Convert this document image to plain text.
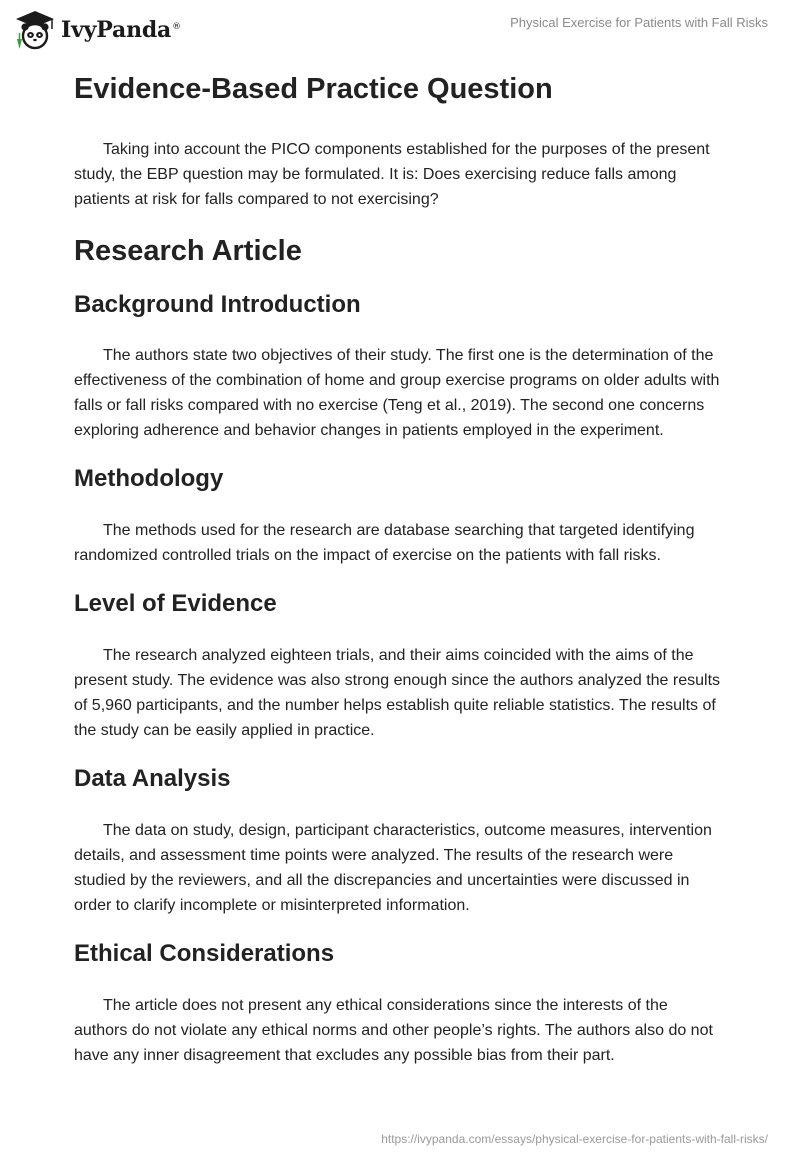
IvyPanda®	Physical Exercise for Patients with Fall Risks
Evidence-Based Practice Question

Taking into account the PICO components established for the purposes of the present study, the EBP question may be formulated. It is: Does exercising reduce falls among patients at risk for falls compared to not exercising?

Research Article
Background Introduction

The authors state two objectives of their study. The first one is the determination of the effectiveness of the combination of home and group exercise programs on older adults with falls or fall risks compared with no exercise (Teng et al., 2019). The second one concerns exploring adherence and behavior changes in patients employed in the experiment.

Methodology

The methods used for the research are database searching that targeted identifying randomized controlled trials on the impact of exercise on the patients with fall risks.

Level of Evidence

The research analyzed eighteen trials, and their aims coincided with the aims of the present study. The evidence was also strong enough since the authors analyzed the results of 5,960 participants, and the number helps establish quite reliable statistics. The results of the study can be easily applied in practice.

Data Analysis

The data on study, design, participant characteristics, outcome measures, intervention details, and assessment time points were analyzed. The results of the research were studied by the reviewers, and all the discrepancies and uncertainties were discussed in order to clarify incomplete or misinterpreted information.

Ethical Considerations

The article does not present any ethical considerations since the interests of the authors do not violate any ethical norms and other people’s rights. The authors also do not have any inner disagreement that excludes any possible bias from their part.

https://ivypanda.com/essays/physical-exercise-for-patients-with-fall-risks/
